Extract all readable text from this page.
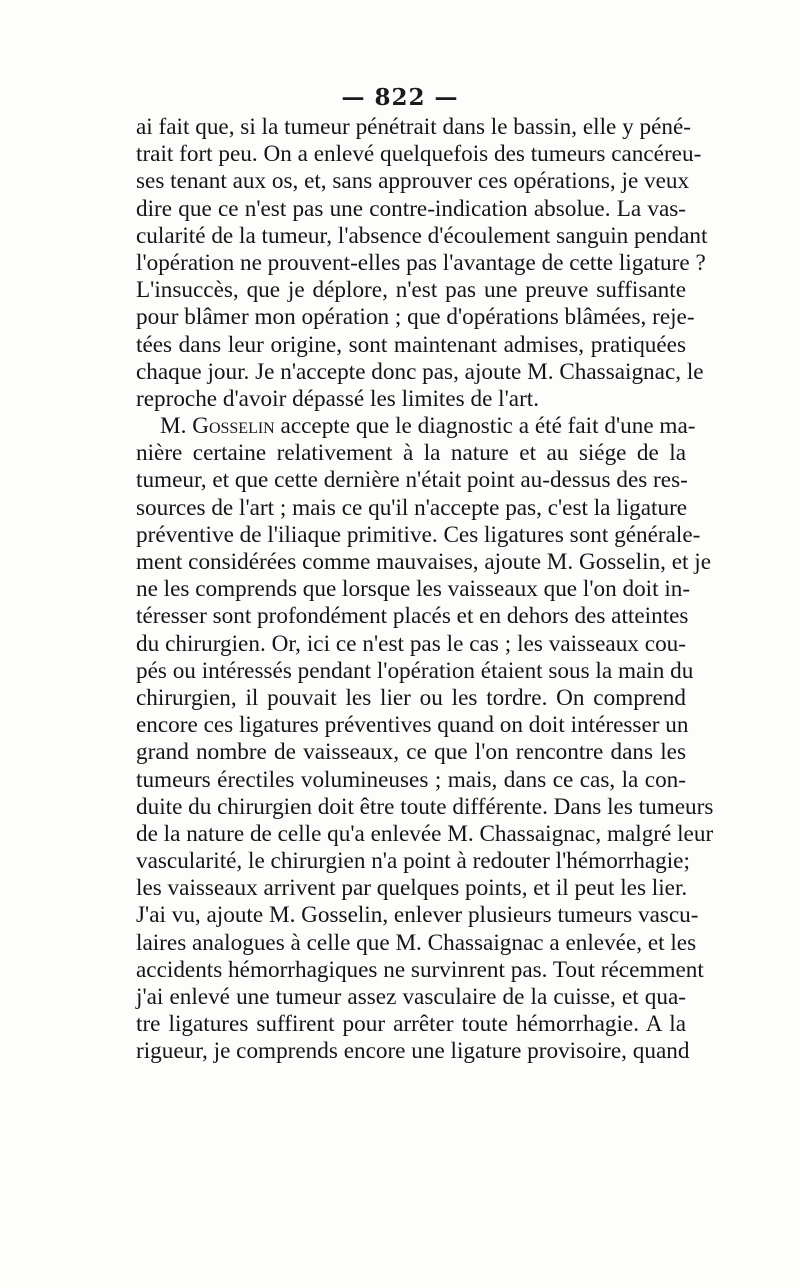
— 822 —
ai fait que, si la tumeur pénétrait dans le bassin, elle y péné-
trait fort peu. On a enlevé quelquefois des tumeurs cancéreu-
ses tenant aux os, et, sans approuver ces opérations, je veux
dire que ce n'est pas une contre-indication absolue. La vas-
cularité de la tumeur, l'absence d'écoulement sanguin pendant
l'opération ne prouvent-elles pas l'avantage de cette ligature ?
L'insuccès, que je déplore, n'est pas une preuve suffisante
pour blâmer mon opération ; que d'opérations blâmées, reje-
tées dans leur origine, sont maintenant admises, pratiquées
chaque jour. Je n'accepte donc pas, ajoute M. Chassaignac, le
reproche d'avoir dépassé les limites de l'art.
M. Gosselin accepte que le diagnostic a été fait d'une ma-
nière certaine relativement à la nature et au siége de la
tumeur, et que cette dernière n'était point au-dessus des res-
sources de l'art ; mais ce qu'il n'accepte pas, c'est la ligature
préventive de l'iliaque primitive. Ces ligatures sont générale-
ment considérées comme mauvaises, ajoute M. Gosselin, et je
ne les comprends que lorsque les vaisseaux que l'on doit in-
téresser sont profondément placés et en dehors des atteintes
du chirurgien. Or, ici ce n'est pas le cas ; les vaisseaux cou-
pés ou intéressés pendant l'opération étaient sous la main du
chirurgien, il pouvait les lier ou les tordre. On comprend
encore ces ligatures préventives quand on doit intéresser un
grand nombre de vaisseaux, ce que l'on rencontre dans les
tumeurs érectiles volumineuses ; mais, dans ce cas, la con-
duite du chirurgien doit être toute différente. Dans les tumeurs
de la nature de celle qu'a enlevée M. Chassaignac, malgré leur
vascularité, le chirurgien n'a point à redouter l'hémorrhagie;
les vaisseaux arrivent par quelques points, et il peut les lier.
J'ai vu, ajoute M. Gosselin, enlever plusieurs tumeurs vascu-
laires analogues à celle que M. Chassaignac a enlevée, et les
accidents hémorrhagiques ne survinrent pas. Tout récemment
j'ai enlevé une tumeur assez vasculaire de la cuisse, et qua-
tre ligatures suffirent pour arrêter toute hémorrhagie. A la
rigueur, je comprends encore une ligature provisoire, quand
